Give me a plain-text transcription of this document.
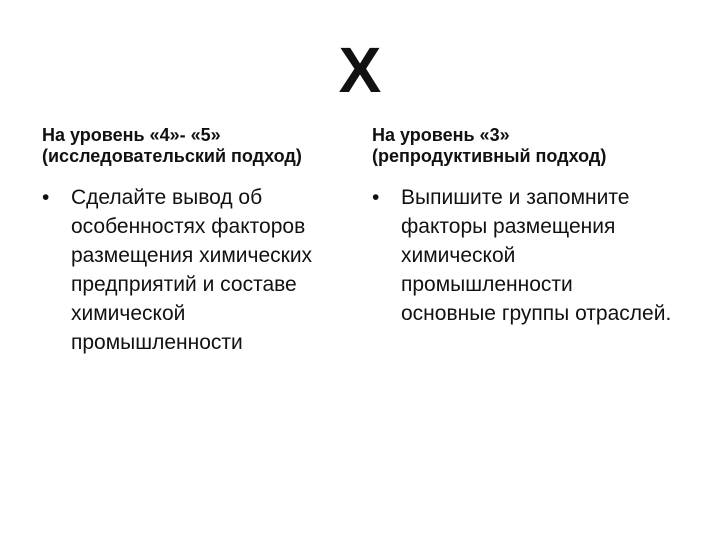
Х
На уровень «4»- «5»
(исследовательский подход)
• Сделайте вывод об
особенностях факторов
размещения химических
предприятий и составе
химической
промышленности
На уровень «3»
(репродуктивный подход)
• Выпишите и запомните
факторы размещения
химической
промышленности
основные группы отраслей.
